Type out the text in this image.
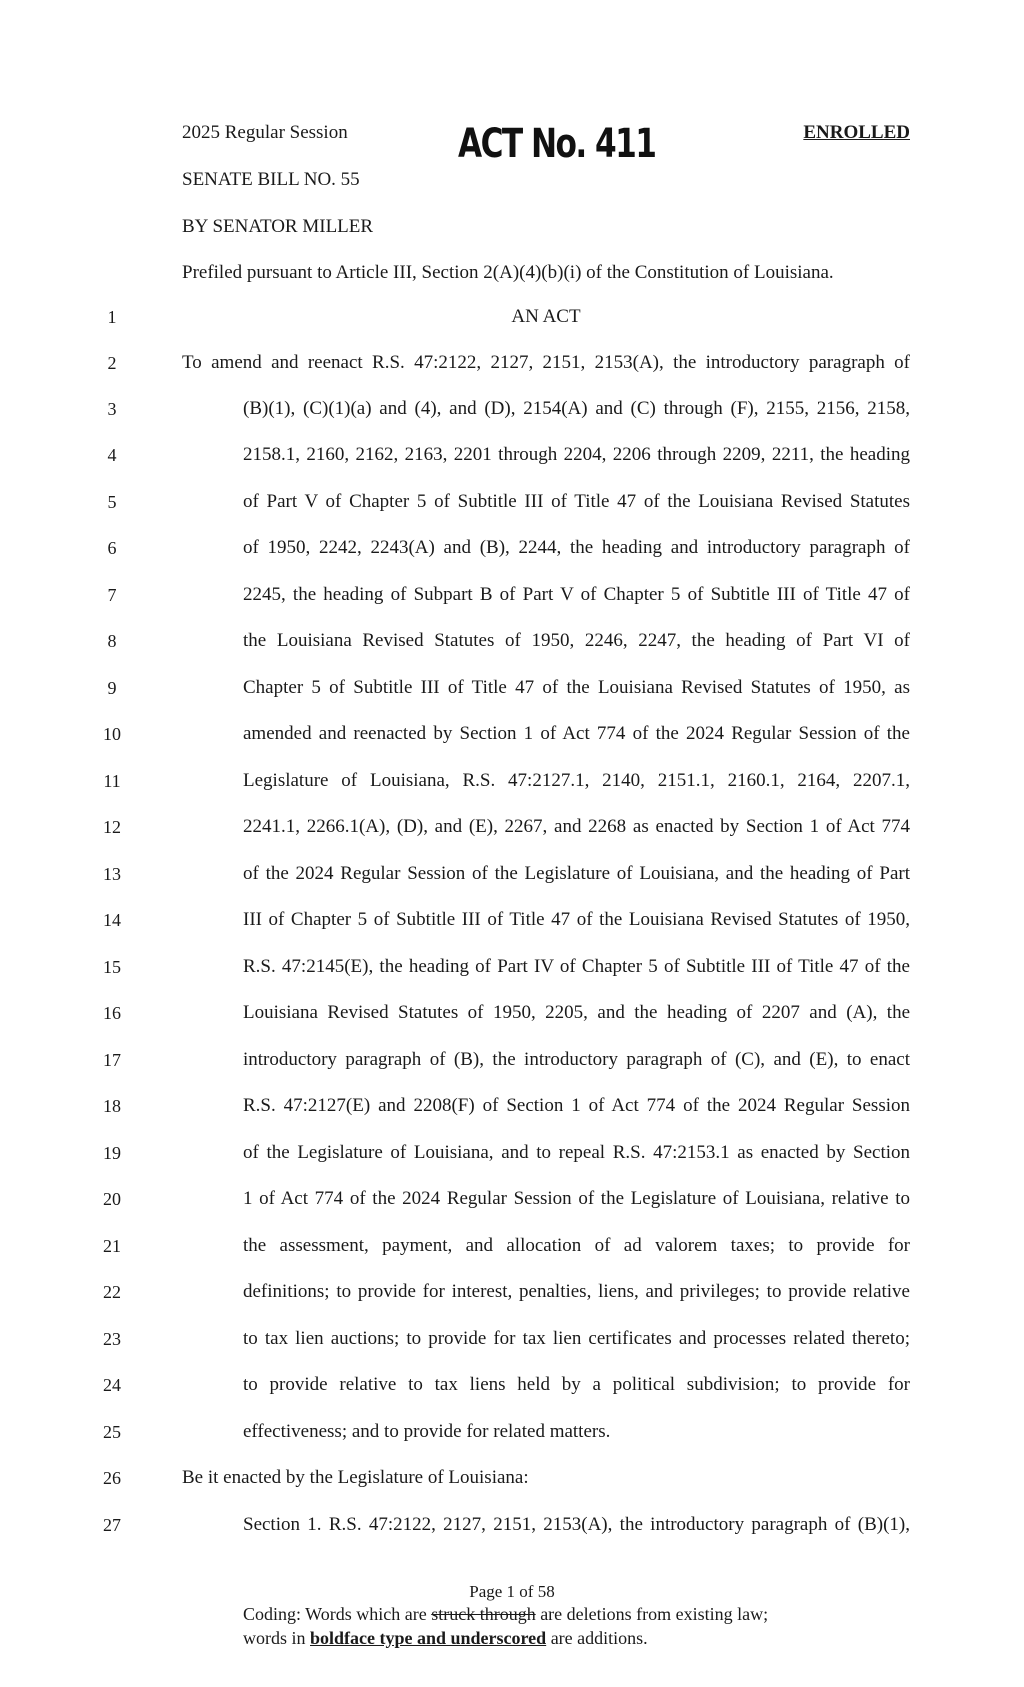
2025 Regular Session	ACT No. 411	ENROLLED
SENATE BILL NO. 55
BY SENATOR MILLER
Prefiled pursuant to Article III, Section 2(A)(4)(b)(i) of the Constitution of Louisiana.
1	AN ACT
2	To amend and reenact R.S. 47:2122, 2127, 2151, 2153(A), the introductory paragraph of
3	(B)(1), (C)(1)(a) and (4), and (D), 2154(A) and (C) through (F), 2155, 2156, 2158,
4	2158.1, 2160, 2162, 2163, 2201 through 2204, 2206 through 2209, 2211, the heading
5	of Part V of Chapter 5 of Subtitle III of Title 47 of the Louisiana Revised Statutes
6	of 1950, 2242, 2243(A) and (B), 2244, the heading and introductory paragraph of
7	2245, the heading of Subpart B of Part V of Chapter 5 of Subtitle III of Title 47 of
8	the Louisiana Revised Statutes of 1950, 2246, 2247, the heading of Part VI of
9	Chapter 5 of Subtitle III of Title 47 of the Louisiana Revised Statutes of 1950, as
10	amended and reenacted by Section 1 of Act 774 of the 2024 Regular Session of the
11	Legislature of Louisiana, R.S. 47:2127.1, 2140, 2151.1, 2160.1, 2164, 2207.1,
12	2241.1, 2266.1(A), (D), and (E), 2267, and 2268 as enacted by Section 1 of Act 774
13	of the 2024 Regular Session of the Legislature of Louisiana, and the heading of Part
14	III of Chapter 5 of Subtitle III of Title 47 of the Louisiana Revised Statutes of 1950,
15	R.S. 47:2145(E), the heading of Part IV of Chapter 5 of Subtitle III of Title 47 of the
16	Louisiana Revised Statutes of 1950, 2205, and the heading of 2207 and (A), the
17	introductory paragraph of (B), the introductory paragraph of (C), and (E), to enact
18	R.S. 47:2127(E) and 2208(F) of Section 1 of Act 774 of the 2024 Regular Session
19	of the Legislature of Louisiana, and to repeal R.S. 47:2153.1 as enacted by Section
20	1 of Act 774 of the 2024 Regular Session of the Legislature of Louisiana, relative to
21	the assessment, payment, and allocation of ad valorem taxes; to provide for
22	definitions; to provide for interest, penalties, liens, and privileges; to provide relative
23	to tax lien auctions; to provide for tax lien certificates and processes related thereto;
24	to provide relative to tax liens held by a political subdivision; to provide for
25	effectiveness; and to provide for related matters.
26	Be it enacted by the Legislature of Louisiana:
27	Section 1. R.S. 47:2122, 2127, 2151, 2153(A), the introductory paragraph of (B)(1),
Page 1 of 58
Coding: Words which are struck through are deletions from existing law;
words in boldface type and underscored are additions.
